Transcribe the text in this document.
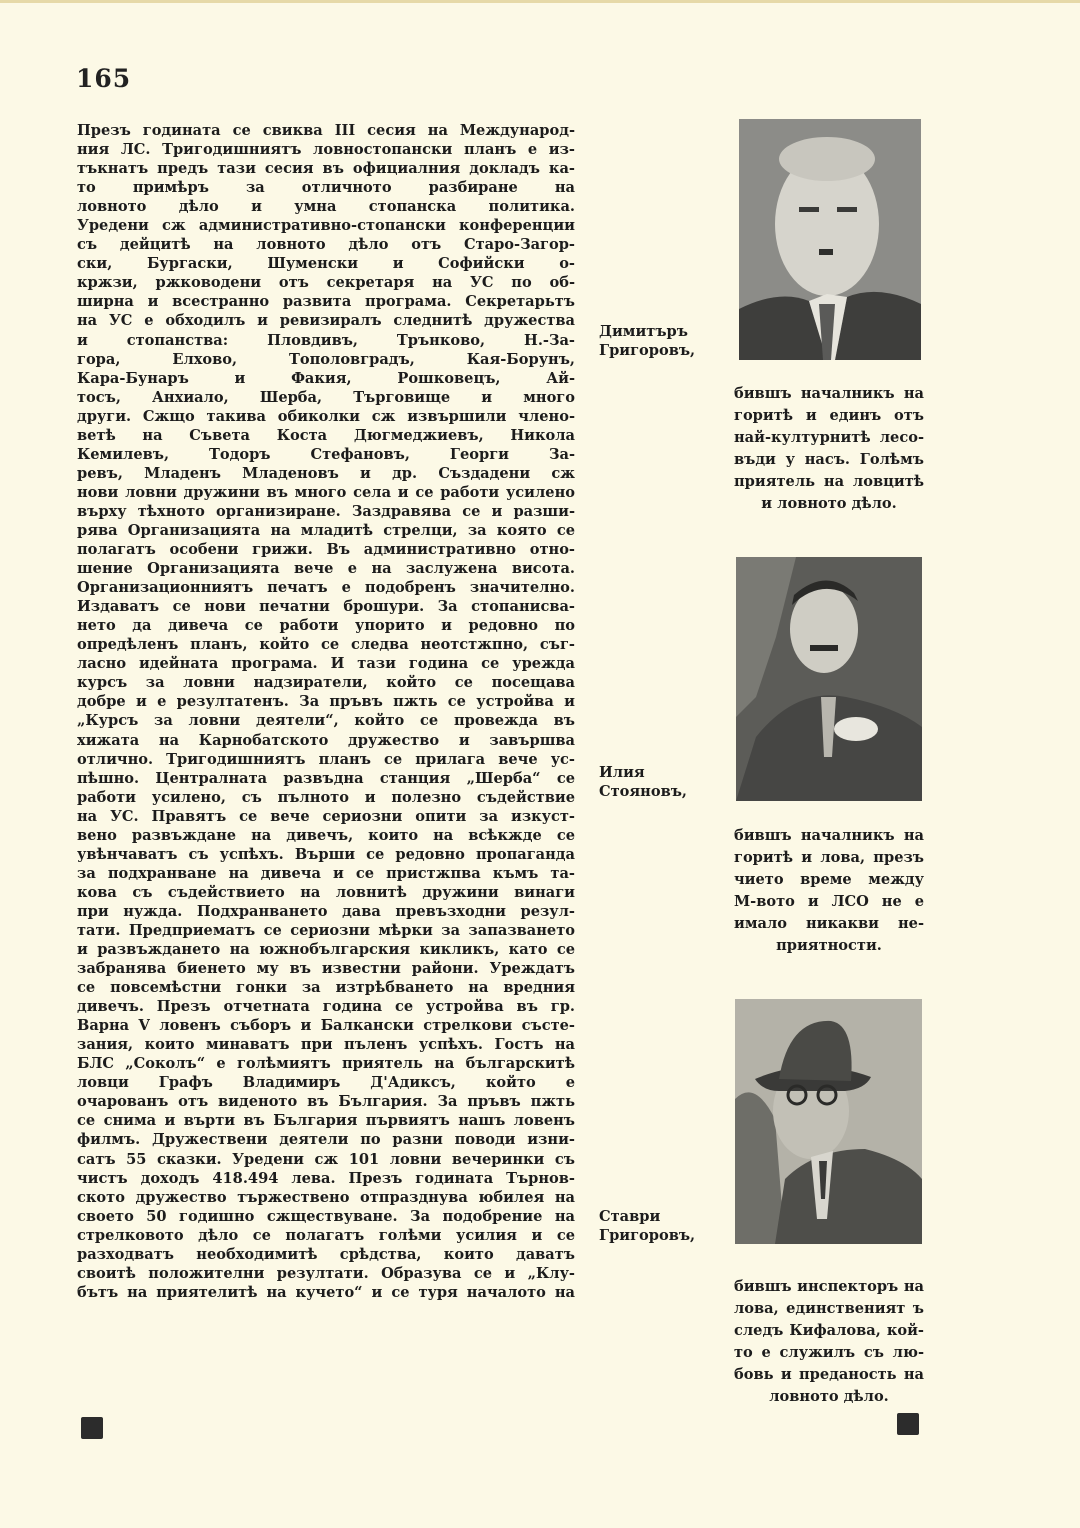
165
Презъ годината се свиква III сесия на Международ-
ния ЛС. Тригодишниятъ ловностопански планъ е из-
тъкнатъ предъ тази сесия въ официалния докладъ ка-
то примѣръ за отличното разбиране на
ловното дѣло и умна стопанска политика.
Уредени сж административно-стопански конференции
съ дейцитѣ на ловното дѣло отъ Старо-Загор-
ски, Бургаски, Шуменски и Софийски о-
кржзи, ржководени отъ секретаря на УС по об-
ширна и всестранно развита програма. Секретарьтъ
на УС е обходилъ и ревизиралъ следнитѣ дружества
и стопанства: Пловдивъ, Трънково, Н.-За-
гора, Елхово, Тополовградъ, Кая-Борунъ,
Кара-Бунаръ и Факия, Рошковецъ, Ай-
тосъ, Анхиало, Шерба, Търговище и много
други. Сжщо такива обиколки сж извършили члено-
ветѣ на Съвета Коста Дюгмеджиевъ, Никола
Кемилевъ, Тодоръ Стефановъ, Георги За-
ревъ, Младенъ Младеновъ и др. Създадени сж
нови ловни дружини въ много села и се работи усилено
върху тѣхното организиране. Заздравява се и разши-
рява Организацията на младитѣ стрелци, за която се
полагатъ особени грижи. Въ административно отно-
шение Организацията вече е на заслужена висота.
Организационниятъ печатъ е подобренъ значително.
Издаватъ се нови печатни брошури. За стопанисва-
нето да дивеча се работи упорито и редовно по
опредѣленъ планъ, който се следва неотстжпно, съг-
ласно идейната програма. И тази година се урежда
курсъ за ловни надзиратели, който се посещава
добре и е резултатенъ. За пръвъ пжть се устройва и
„Курсъ за ловни деятели“, който се провежда въ
хижата на Карнобатското дружество и завършва
отлично. Тригодишниятъ планъ се прилага вече ус-
пѣшно. Централната развъдна станция „Шерба“ се
работи усилено, съ пълното и полезно съдействие
на УС. Правятъ се вече сериозни опити за изкуст-
вено развъждане на дивечъ, които на всѣкжде се
увѣнчаватъ съ успѣхъ. Върши се редовно пропаганда
за подхранване на дивеча и се пристжпва къмъ та-
кова съ съдействието на ловнитѣ дружини винаги
при нужда. Подхранването дава превъзходни резул-
тати. Предприематъ се сериозни мѣрки за запазването
и развъждането на южнобългарския кикликъ, като се
забранява биенето му въ известни райони. Уреждатъ
се повсемѣстни гонки за изтрѣбването на вредния
дивечъ. Презъ отчетната година се устройва въ гр.
Варна V ловенъ съборъ и Балкански стрелкови състе-
зания, които минаватъ при пъленъ успѣхъ. Гостъ на
БЛС „Соколъ“ е голѣмиятъ приятель на българскитѣ
ловци Графъ Владимиръ Д'Адиксъ, който е
очарованъ отъ виденото въ България. За пръвъ пжть
се снима и върти въ България първиятъ нашъ ловенъ
филмъ. Дружествени деятели по разни поводи изни-
сатъ 55 сказки. Уредени сж 101 ловни вечеринки съ
чистъ доходъ 418.494 лева. Презъ годината Търнов-
ското дружество тържествено отпразднува юбилея на
своето 50 годишно сжществуване. За подобрение на
стрелковото дѣло се полагатъ голѣми усилия и се
разходватъ необходимитѣ срѣдства, които даватъ
своитѣ положителни резултати. Образува се и „Клу-
бътъ на приятелитѣ на кучето“ и се туря началото на
Димитъръ
Григоровъ,
бившъ началникъ на
горитѣ и единъ отъ
най-културнитѣ лесо-
въди у насъ. Голѣмъ
приятель на ловцитѣ
и ловното дѣло.
Илия
Стояновъ,
бившъ началникъ на
горитѣ и лова, презъ
чието време между
М-вото и ЛСО не е
имало никакви не-
приятности.
Ставри
Григоровъ,
бившъ инспекторъ на
лова, единственият ъ
следъ Кифалова, кой-
то е служилъ съ лю-
бовь и преданость на
ловното дѣло.
